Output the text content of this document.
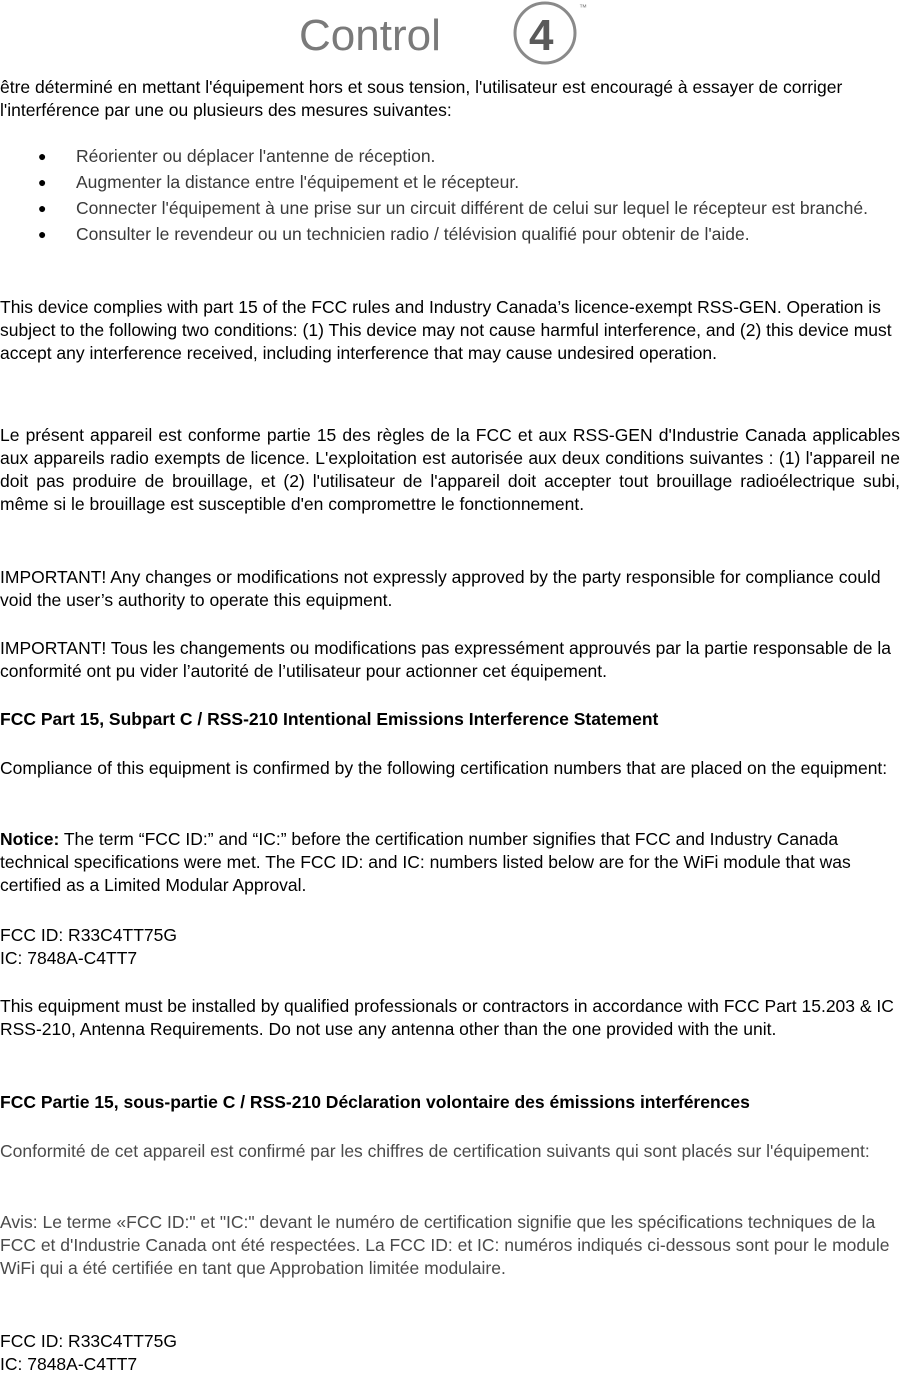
Control 4
™

être déterminé en mettant l'équipement hors et sous tension, l'utilisateur est encouragé à essayer de corriger l'interférence par une ou plusieurs des mesures suivantes:

● Réorienter ou déplacer l'antenne de réception.
● Augmenter la distance entre l'équipement et le récepteur.
● Connecter l'équipement à une prise sur un circuit différent de celui sur lequel le récepteur est branché.
● Consulter le revendeur ou un technicien radio / télévision qualifié pour obtenir de l'aide.

This device complies with part 15 of the FCC rules and Industry Canada’s licence-exempt RSS-GEN. Operation is subject to the following two conditions: (1) This device may not cause harmful interference, and (2) this device must accept any interference received, including interference that may cause undesired operation.

Le présent appareil est conforme partie 15 des règles de la FCC et aux RSS-GEN d'Industrie Canada applicables aux appareils radio exempts de licence. L'exploitation est autorisée aux deux conditions suivantes : (1) l'appareil ne doit pas produire de brouillage, et (2) l'utilisateur de l'appareil doit accepter tout brouillage radioélectrique subi, même si le brouillage est susceptible d'en compromettre le fonctionnement.

IMPORTANT! Any changes or modifications not expressly approved by the party responsible for compliance could void the user’s authority to operate this equipment.

IMPORTANT! Tous les changements ou modifications pas expressément approuvés par la partie responsable de la conformité ont pu vider l’autorité de l’utilisateur pour actionner cet équipement.

FCC Part 15, Subpart C / RSS-210 Intentional Emissions Interference Statement

Compliance of this equipment is confirmed by the following certification numbers that are placed on the equipment:

Notice: The term “FCC ID:” and “IC:” before the certification number signifies that FCC and Industry Canada technical specifications were met. The FCC ID: and IC: numbers listed below are for the WiFi module that was certified as a Limited Modular Approval.

FCC ID: R33C4TT75G

IC: 7848A-C4TT7

This equipment must be installed by qualified professionals or contractors in accordance with FCC Part 15.203 & IC RSS-210, Antenna Requirements. Do not use any antenna other than the one provided with the unit.

FCC Partie 15, sous-partie C / RSS-210 Déclaration volontaire des émissions interférences

Conformité de cet appareil est confirmé par les chiffres de certification suivants qui sont placés sur l'équipement:

Avis: Le terme «FCC ID:" et "IC:" devant le numéro de certification signifie que les spécifications techniques de la FCC et d'Industrie Canada ont été respectées. La FCC ID: et IC: numéros indiqués ci-dessous sont pour le module WiFi qui a été certifiée en tant que Approbation limitée modulaire.

FCC ID: R33C4TT75G

IC: 7848A-C4TT7
